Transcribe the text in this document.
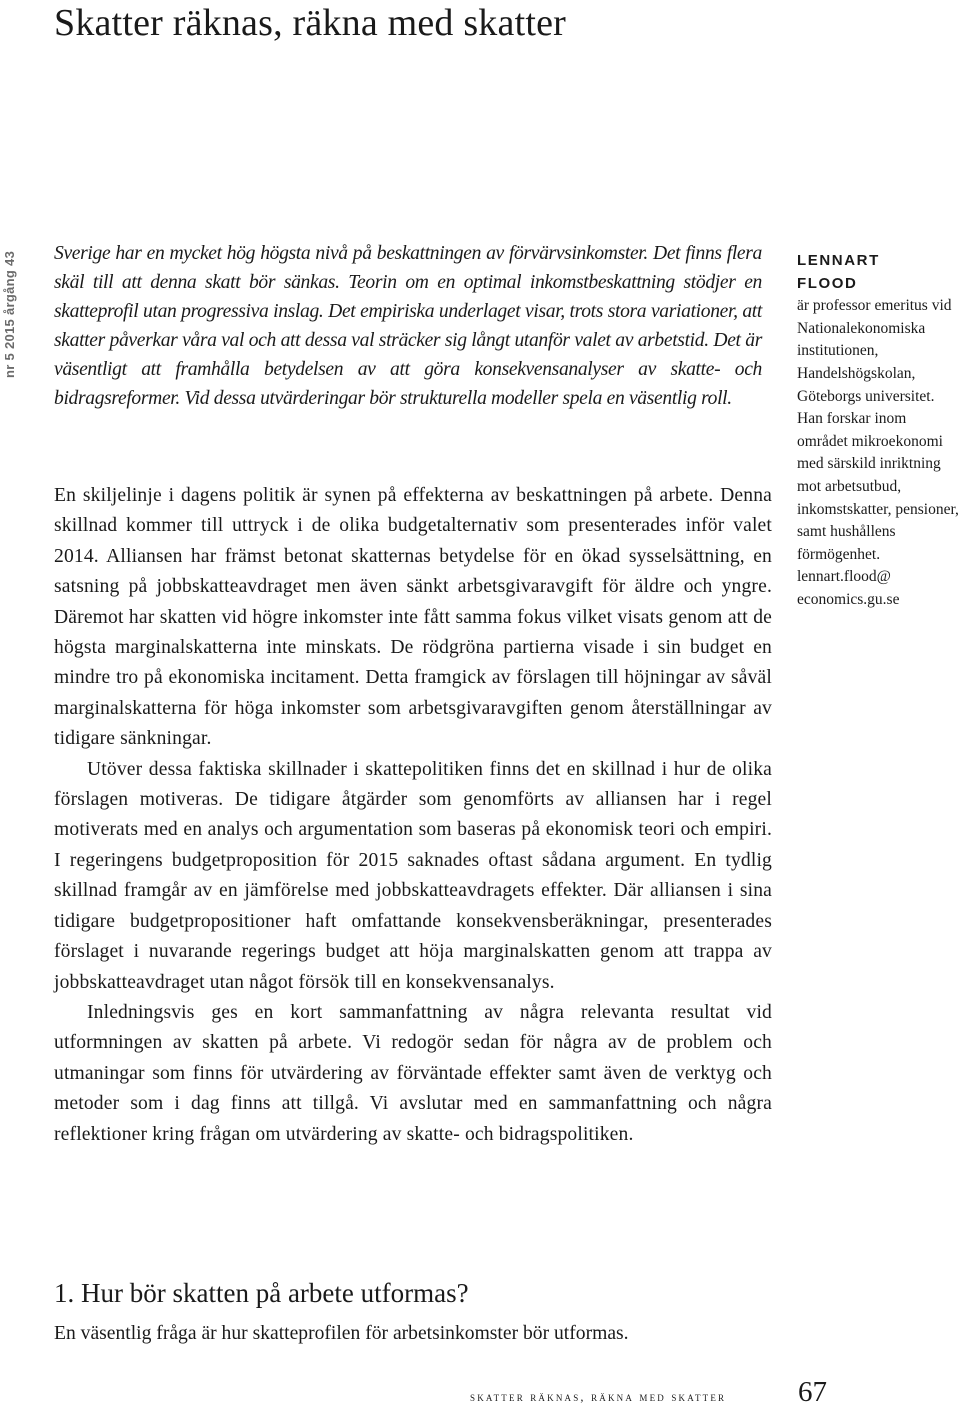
Skatter räknas, räkna med skatter
nr 5 2015 årgång 43 Sverige har en mycket hög högsta nivå på beskattningen av förvärvsinkomster. Det finns flera skäl till att denna skatt bör sänkas. Teorin om en optimal inkomstbeskattning stödjer en skatteprofil utan progressiva inslag. Det empiriska underlaget visar, trots stora variationer, att skatter påverkar våra val och att dessa val sträcker sig långt utanför valet av arbetstid. Det är väsentligt att framhålla betydelsen av att göra konsekvensanalyser av skatte- och bidragsreformer. Vid dessa utvärderingar bör strukturella modeller spela en väsentlig roll.

En skiljelinje i dagens politik är synen på effekterna av beskattningen på arbete. Denna skillnad kommer till uttryck i de olika budgetalternativ som presenterades inför valet 2014. Alliansen har främst betonat skatternas betydelse för en ökad sysselsättning, en satsning på jobbskatteavdraget men även sänkt arbetsgivaravgift för äldre och yngre. Däremot har skatten vid högre inkomster inte fått samma fokus vilket visats genom att de högsta marginalskatterna inte minskats. De rödgröna partierna visade i sin budget en mindre tro på ekonomiska incitament. Detta framgick av förslagen till höjningar av såväl marginalskatterna för höga inkomster som arbetsgivaravgiften genom återställningar av tidigare sänkningar.

Utöver dessa faktiska skillnader i skattepolitiken finns det en skillnad i hur de olika förslagen motiveras. De tidigare åtgärder som genomförts av alliansen har i regel motiverats med en analys och argumentation som baseras på ekonomisk teori och empiri. I regeringens budgetproposition för 2015 saknades oftast sådana argument. En tydlig skillnad framgår av en jämförelse med jobbskatteavdragets effekter. Där alliansen i sina tidigare budgetpropositioner haft omfattande konsekvensberäkningar, presenterades förslaget i nuvarande regerings budget att höja marginalskatten genom att trappa av jobbskatteavdraget utan något försök till en konsekvensanalys.

Inledningsvis ges en kort sammanfattning av några relevanta resultat vid utformningen av skatten på arbete. Vi redogör sedan för några av de problem och utmaningar som finns för utvärdering av förväntade effekter samt även de verktyg och metoder som i dag finns att tillgå. Vi avslutar med en sammanfattning och några reflektioner kring frågan om utvärdering av skatte- och bidragspolitiken.

1. Hur bör skatten på arbete utformas?

En väsentlig fråga är hur skatteprofilen för arbetsinkomster bör utformas.

LENNART
FLOOD

är professor emeritus vid Nationalekonomiska institutionen, Handelshögskolan, Göteborgs universitet. Han forskar inom området mikroekonomi med särskild inriktning mot arbetsutbud, inkomstskatter, pensioner, samt hushållens förmögenhet. lennart.flood@ economics.gu.se

skatter räknas, räkna med skatter 67
